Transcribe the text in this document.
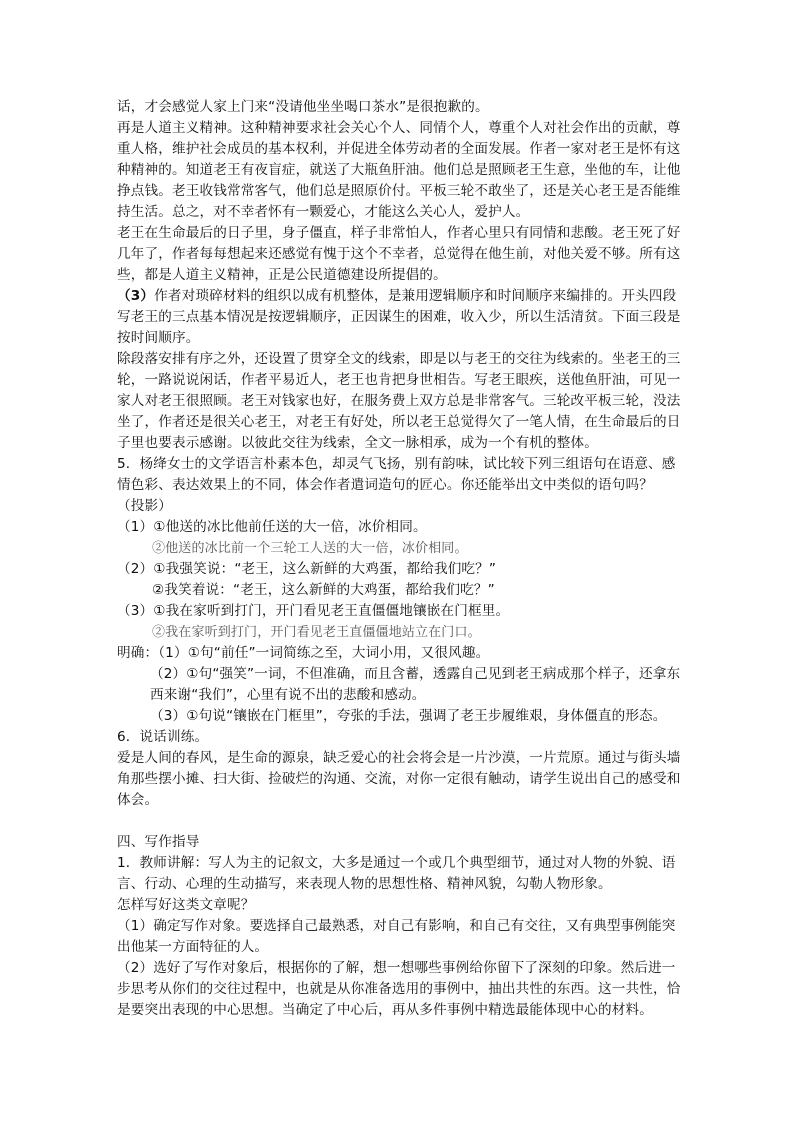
话，才会感觉人家上门来“没请他坐坐喝口茶水”是很抱歉的。

再是人道主义精神。这种精神要求社会关心个人、同情个人，尊重个人对社会作出的贡献，尊重人格，维护社会成员的基本权利，并促进全体劳动者的全面发展。作者一家对老王是怀有这种精神的。知道老王有夜盲症，就送了大瓶鱼肝油。他们总是照顾老王生意，坐他的车，让他挣点钱。老王收钱常常客气，他们总是照原价付。平板三轮不敢坐了，还是关心老王是否能维持生活。总之，对不幸者怀有一颗爱心，才能这么关心人，爱护人。

老王在生命最后的日子里，身子僵直，样子非常怕人，作者心里只有同情和悲酸。老王死了好几年了，作者每每想起来还感觉有愧于这个不幸者，总觉得在他生前，对他关爱不够。所有这些，都是人道主义精神，正是公民道德建设所提倡的。

（3）作者对琐碎材料的组织以成有机整体，是兼用逻辑顺序和时间顺序来编排的。开头四段写老王的三点基本情况是按逻辑顺序，正因谋生的困难，收入少，所以生活清贫。下面三段是按时间顺序。

除段落安排有序之外，还设置了贯穿全文的线索，即是以与老王的交往为线索的。坐老王的三轮，一路说说闲话，作者平易近人，老王也肯把身世相告。写老王眼疾，送他鱼肝油，可见一家人对老王很照顾。老王对钱家也好，在服务费上双方总是非常客气。三轮改平板三轮，没法坐了，作者还是很关心老王，对老王有好处，所以老王总觉得欠了一笔人情，在生命最后的日子里也要表示感谢。以彼此交往为线索，全文一脉相承，成为一个有机的整体。

5．杨绛女士的文学语言朴素本色，却灵气飞扬，别有韵味，试比较下列三组语句在语意、感情色彩、表达效果上的不同，体会作者遣词造句的匠心。你还能举出文中类似的语句吗？

（投影）

（1）①他送的冰比他前任送的大一倍，冰价相同。

②他送的冰比前一个三轮工人送的大一倍，冰价相同。

（2）①我强笑说：“老王，这么新鲜的大鸡蛋，都给我们吃？”

②我笑着说：“老王，这么新鲜的大鸡蛋，都给我们吃？”

（3）①我在家听到打门，开门看见老王直僵僵地镶嵌在门框里。

②我在家听到打门，开门看见老王直僵僵地站立在门口。

明确：（1）①句“前任”一词简练之至，大词小用，又很风趣。

（2）①句“强笑”一词，不但准确，而且含蓄，透露自己见到老王病成那个样子，还拿东西来谢“我们”，心里有说不出的悲酸和感动。

（3）①句说“镶嵌在门框里”，夸张的手法，强调了老王步履维艰，身体僵直的形态。

6．说话训练。

爱是人间的春风，是生命的源泉，缺乏爱心的社会将会是一片沙漠，一片荒原。通过与街头墙角那些摆小摊、扫大街、捡破烂的沟通、交流，对你一定很有触动，请学生说出自己的感受和体会。

四、写作指导

1．教师讲解：写人为主的记叙文，大多是通过一个或几个典型细节，通过对人物的外貌、语言、行动、心理的生动描写，来表现人物的思想性格、精神风貌，勾勒人物形象。

怎样写好这类文章呢？

（1）确定写作对象。要选择自己最熟悉，对自己有影响，和自己有交往，又有典型事例能突出他某一方面特征的人。

（2）选好了写作对象后，根据你的了解，想一想哪些事例给你留下了深刻的印象。然后进一步思考从你们的交往过程中，也就是从你准备选用的事例中，抽出共性的东西。这一共性，恰是要突出表现的中心思想。当确定了中心后，再从多件事例中精选最能体现中心的材料。
